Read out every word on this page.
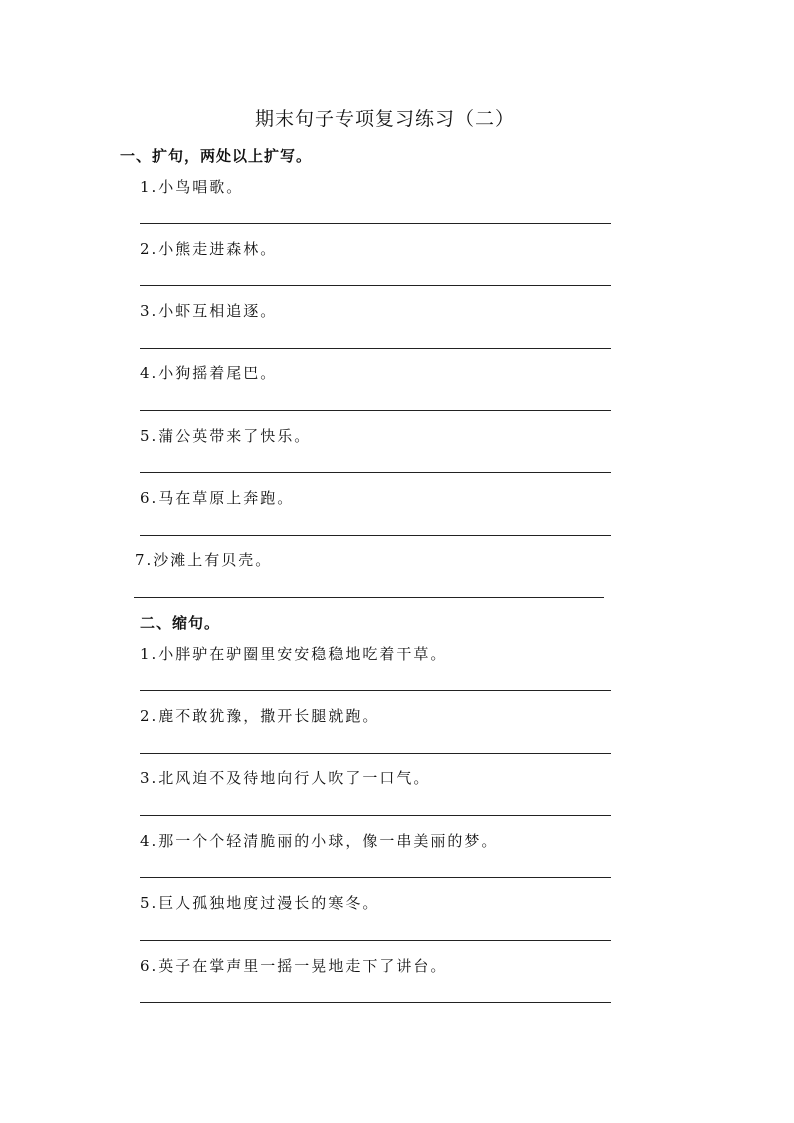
期末句子专项复习练习（二）
一、扩句，两处以上扩写。
1.小鸟唱歌。
2.小熊走进森林。
3.小虾互相追逐。
4.小狗摇着尾巴。
5.蒲公英带来了快乐。
6.马在草原上奔跑。
7.沙滩上有贝壳。
二、缩句。
1.小胖驴在驴圈里安安稳稳地吃着干草。
2.鹿不敢犹豫，撒开长腿就跑。
3.北风迫不及待地向行人吹了一口气。
4.那一个个轻清脆丽的小球，像一串美丽的梦。
5.巨人孤独地度过漫长的寒冬。
6.英子在掌声里一摇一晃地走下了讲台。
